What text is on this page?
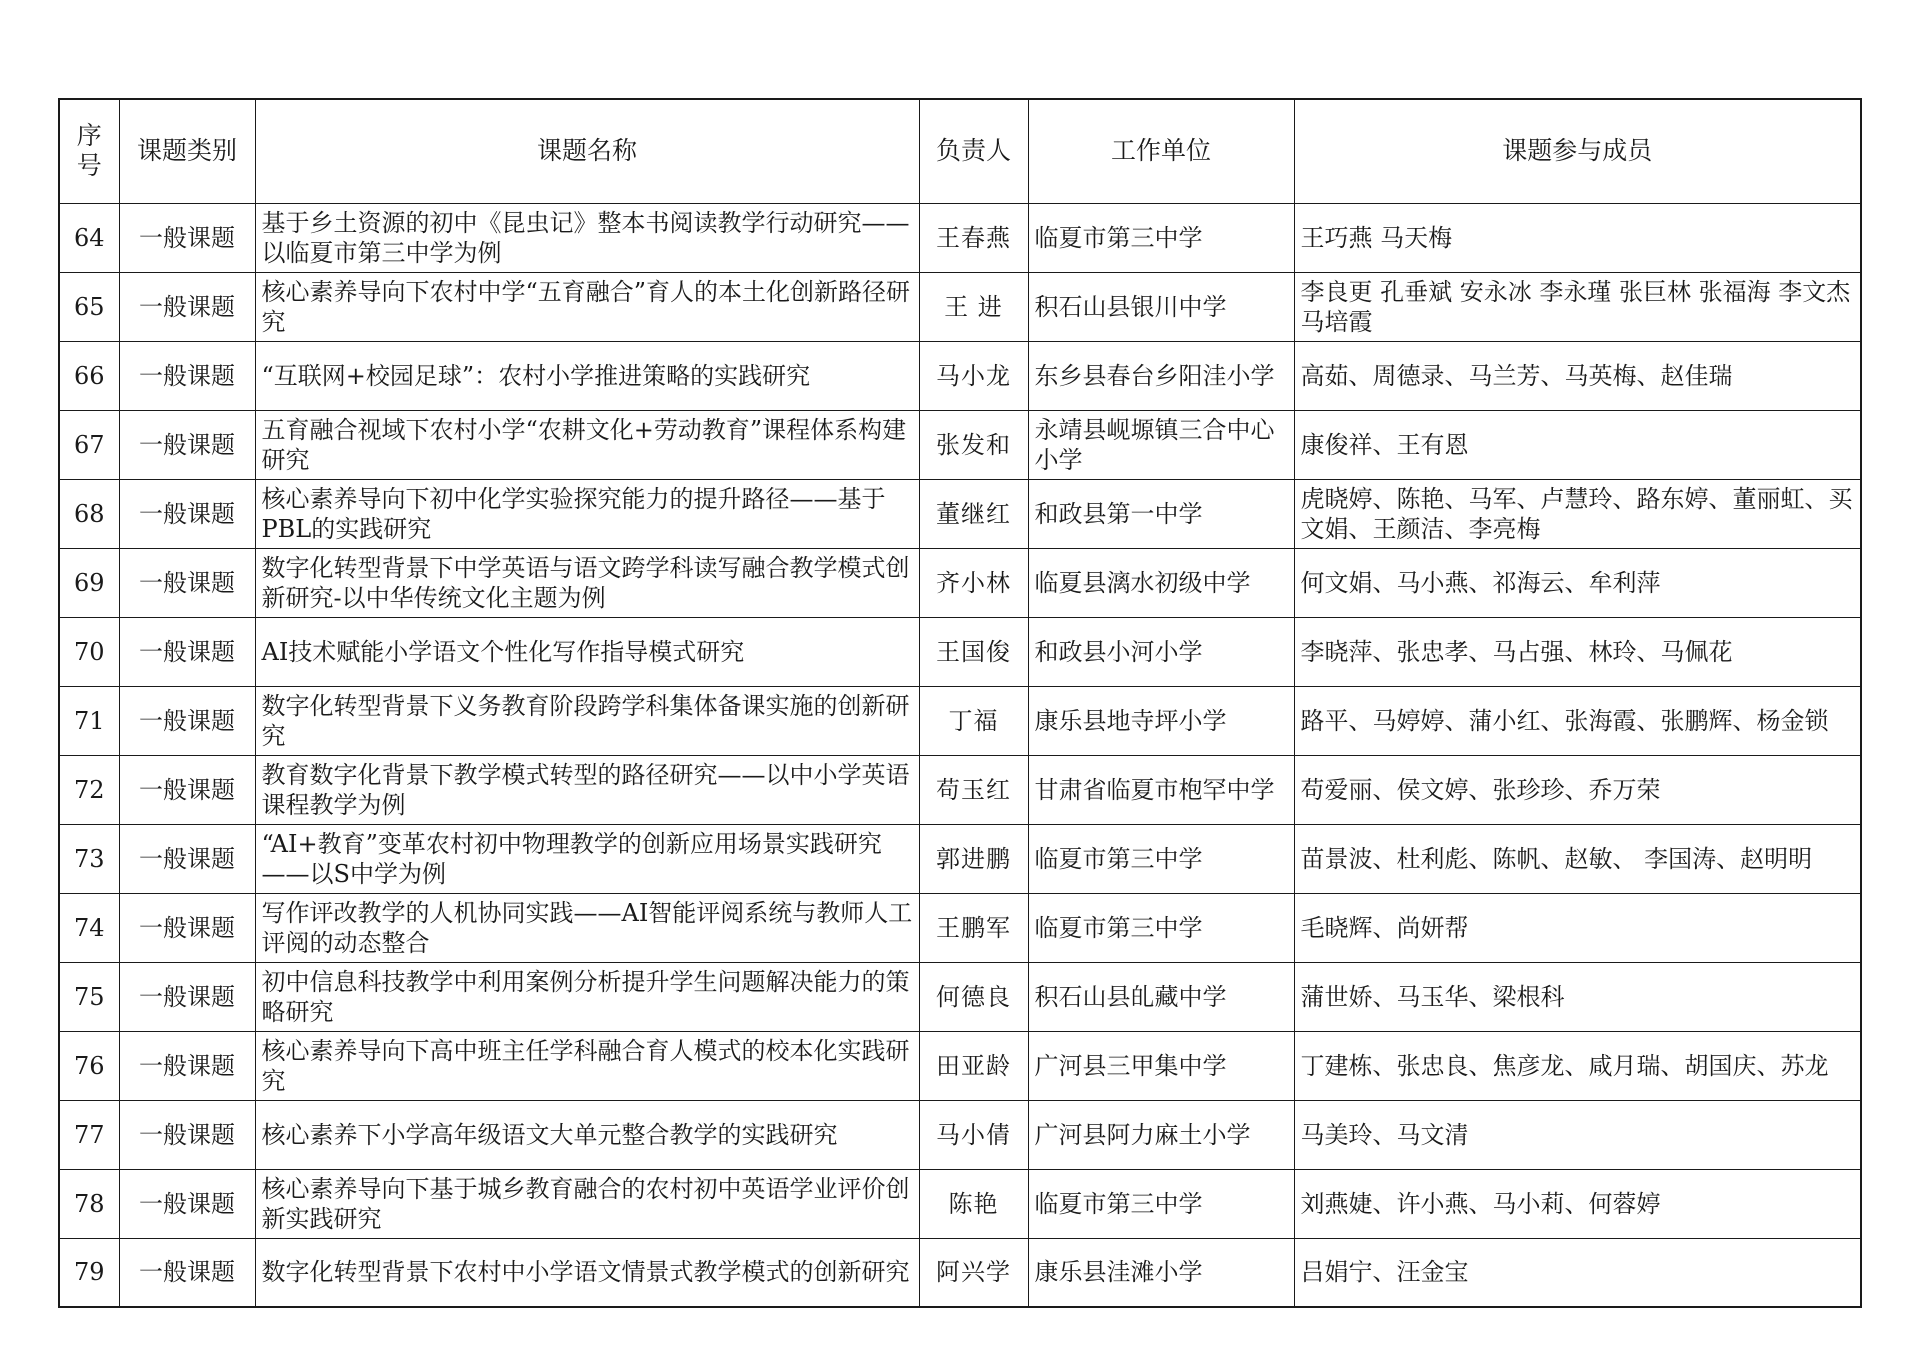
序
号	课题类别	课题名称	负责人	工作单位	课题参与成员
64	一般课题	基于乡土资源的初中《昆虫记》整本书阅读教学行动研究——以临夏市第三中学为例	王春燕	临夏市第三中学	王巧燕 马天梅
65	一般课题	核心素养导向下农村中学“五育融合”育人的本土化创新路径研究	王 进	积石山县银川中学	李良更 孔垂斌 安永冰 李永瑾 张巨林 张福海 李文杰 马培霞
66	一般课题	“互联网+校园足球”：农村小学推进策略的实践研究	马小龙	东乡县春台乡阳洼小学	高茹、周德录、马兰芳、马英梅、赵佳瑞
67	一般课题	五育融合视域下农村小学“农耕文化+劳动教育”课程体系构建研究	张发和	永靖县岘塬镇三合中心小学	康俊祥、王有恩
68	一般课题	核心素养导向下初中化学实验探究能力的提升路径——基于PBL的实践研究	董继红	和政县第一中学	虎晓婷、陈艳、马军、卢慧玲、路东婷、董丽虹、买文娟、王颜洁、李亮梅
69	一般课题	数字化转型背景下中学英语与语文跨学科读写融合教学模式创新研究-以中华传统文化主题为例	齐小林	临夏县漓水初级中学	何文娟、马小燕、祁海云、牟利萍
70	一般课题	AI技术赋能小学语文个性化写作指导模式研究	王国俊	和政县小河小学	李晓萍、张忠孝、马占强、林玲、马佩花
71	一般课题	数字化转型背景下义务教育阶段跨学科集体备课实施的创新研究	丁福	康乐县地寺坪小学	路平、马婷婷、蒲小红、张海霞、张鹏辉、杨金锁
72	一般课题	教育数字化背景下教学模式转型的路径研究——以中小学英语课程教学为例	苟玉红	甘肃省临夏市枹罕中学	苟爱丽、侯文婷、张珍珍、乔万荣
73	一般课题	“AI+教育”变革农村初中物理教学的创新应用场景实践研究——以S中学为例	郭进鹏	临夏市第三中学	苗景波、杜利彪、陈帆、赵敏、 李国涛、赵明明
74	一般课题	写作评改教学的人机协同实践——AI智能评阅系统与教师人工评阅的动态整合	王鹏军	临夏市第三中学	毛晓辉、尚妍帮
75	一般课题	初中信息科技教学中利用案例分析提升学生问题解决能力的策略研究	何德良	积石山县癿藏中学	蒲世娇、马玉华、梁根科
76	一般课题	核心素养导向下高中班主任学科融合育人模式的校本化实践研究	田亚龄	广河县三甲集中学	丁建栋、张忠良、焦彦龙、咸月瑞、胡国庆、苏龙
77	一般课题	核心素养下小学高年级语文大单元整合教学的实践研究	马小倩	广河县阿力麻土小学	马美玲、马文清
78	一般课题	核心素养导向下基于城乡教育融合的农村初中英语学业评价创新实践研究	陈艳	临夏市第三中学	刘燕婕、许小燕、马小莉、何蓉婷
79	一般课题	数字化转型背景下农村中小学语文情景式教学模式的创新研究	阿兴学	康乐县洼滩小学	吕娟宁、汪金宝
